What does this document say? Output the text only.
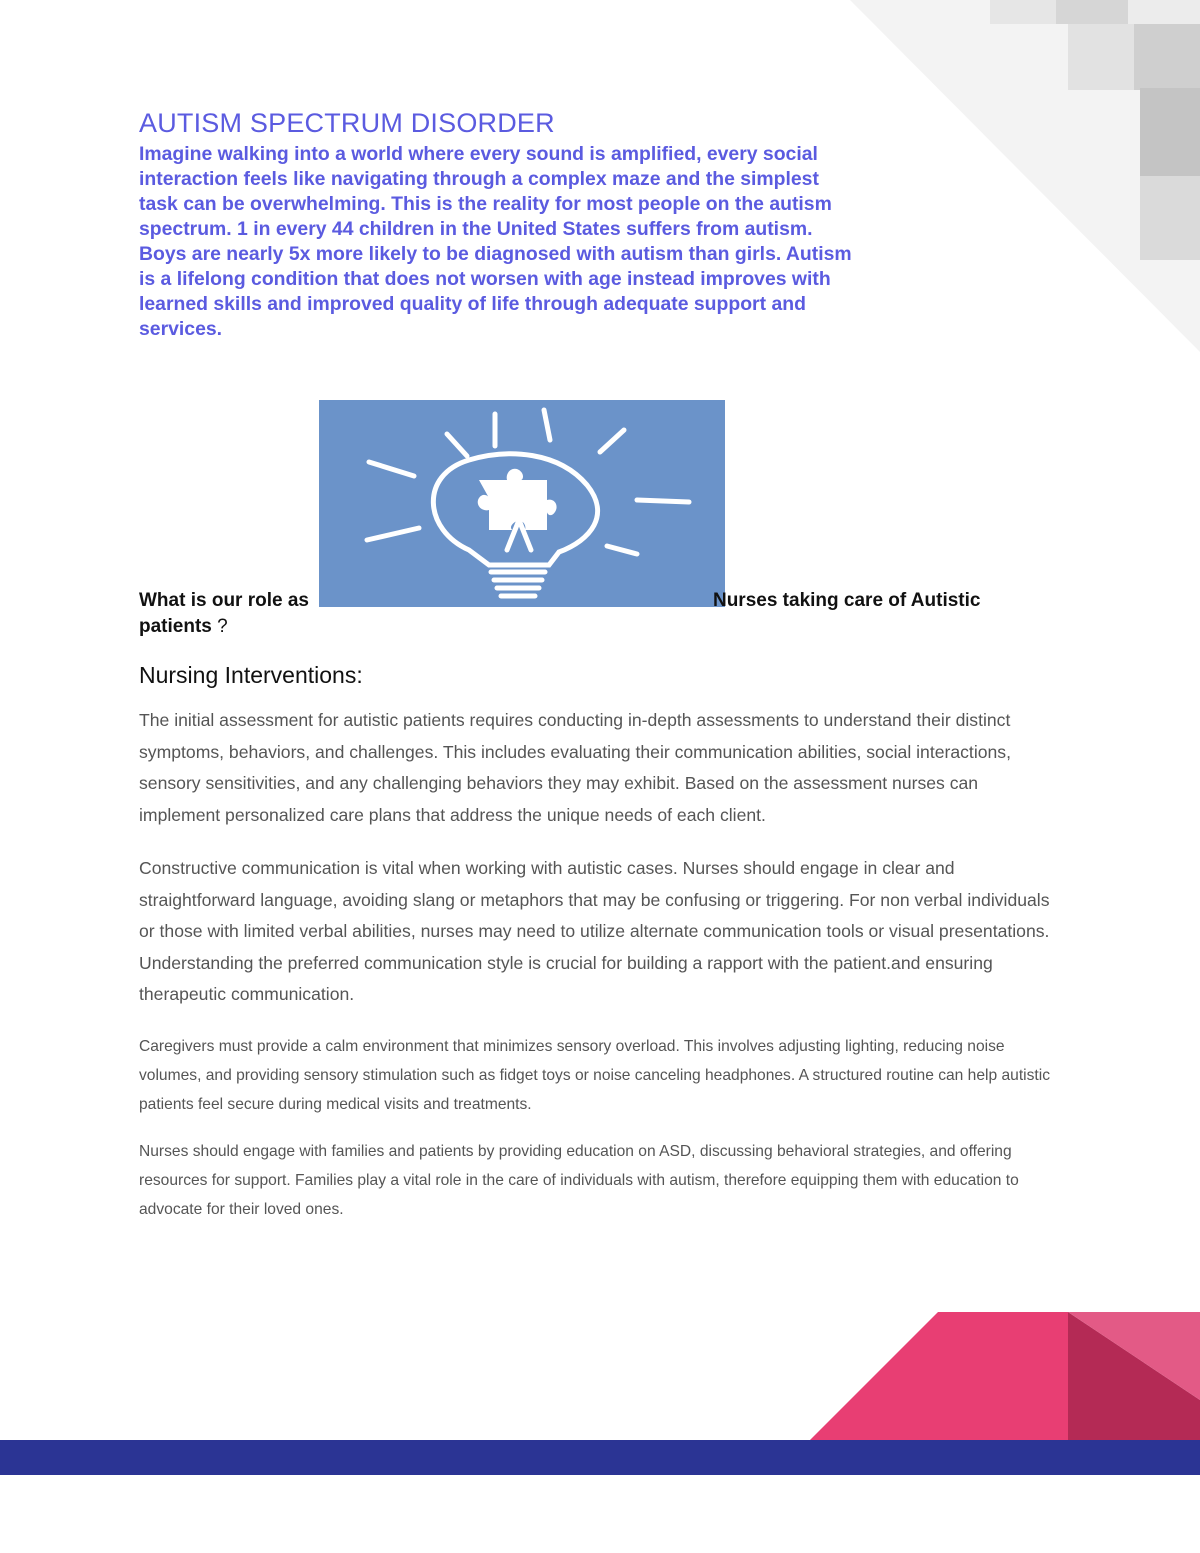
AUTISM SPECTRUM DISORDER

Imagine walking into a world where every sound is amplified, every social interaction feels like navigating through a complex maze and the simplest task can be overwhelming. This is the reality for most people on the autism spectrum. 1 in every 44 children in the United States suffers from autism. Boys are nearly 5x more likely to be diagnosed with autism than girls. Autism is a lifelong condition that does not worsen with age instead improves with learned skills and improved quality of life through adequate support and services.

What is our role as	Nurses taking care of Autistic patients ?

Nursing Interventions:

The initial assessment for autistic patients requires conducting in-depth assessments to understand their distinct symptoms, behaviors, and challenges. This includes evaluating their communication abilities, social interactions, sensory sensitivities, and any challenging behaviors they may exhibit. Based on the assessment nurses can implement personalized care plans that address the unique needs of each client.

Constructive communication is vital when working with autistic cases. Nurses should engage in clear and straightforward language, avoiding slang or metaphors that may be confusing or triggering. For non verbal individuals or those with limited verbal abilities, nurses may need to utilize alternate communication tools or visual presentations. Understanding the preferred communication style is crucial for building a rapport with the patient.and ensuring therapeutic communication.

Caregivers must provide a calm environment that minimizes sensory overload. This involves adjusting lighting, reducing noise volumes, and providing sensory stimulation such as fidget toys or noise canceling headphones. A structured routine can help autistic patients feel secure during medical visits and treatments.

Nurses should engage with families and patients by providing education on ASD, discussing behavioral strategies, and offering resources for support. Families play a vital role in the care of individuals with autism, therefore equipping them with education to advocate for their loved ones.
